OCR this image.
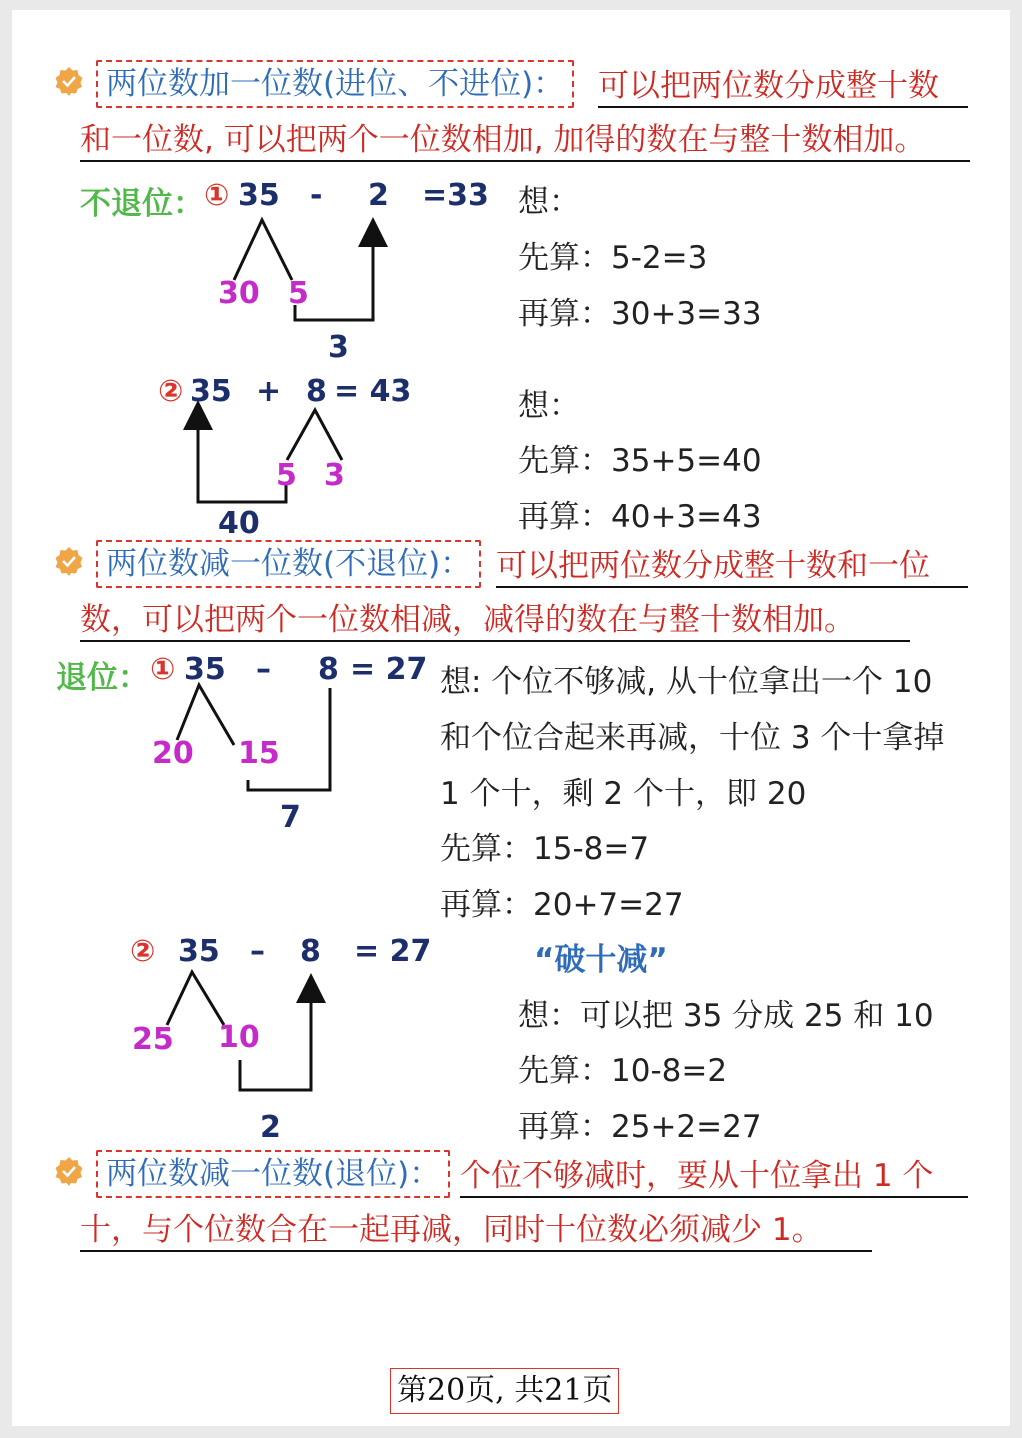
两位数加一位数(进位、不进位)：	可以把两位数分成整十数
和一位数, 可以把两个一位数相加, 加得的数在与整十数相加。
不退位： ① 35 - 2 =33
30 5
3
想：
先算：5-2=3
再算：30+3=33
② 35 + 8 = 43
5 3
40
想：
先算：35+5=40
再算：40+3=43
两位数减一位数(不退位)： 可以把两位数分成整十数和一位
数，可以把两个一位数相减，减得的数在与整十数相加。
退位： ① 35 – 8 = 27
20 15
7
想: 个位不够减, 从十位拿出一个 10
和个位合起来再减，十位 3 个十拿掉
1 个十，剩 2 个十，即 20
先算：15-8=7
再算：20+7=27
② 35 – 8 = 27
25 10
2
“破十减”
想：可以把 35 分成 25 和 10
先算：10-8=2
再算：25+2=27
两位数减一位数(退位)： 个位不够减时，要从十位拿出 1 个
十，与个位数合在一起再减，同时十位数必须减少 1。
第20页, 共21页
